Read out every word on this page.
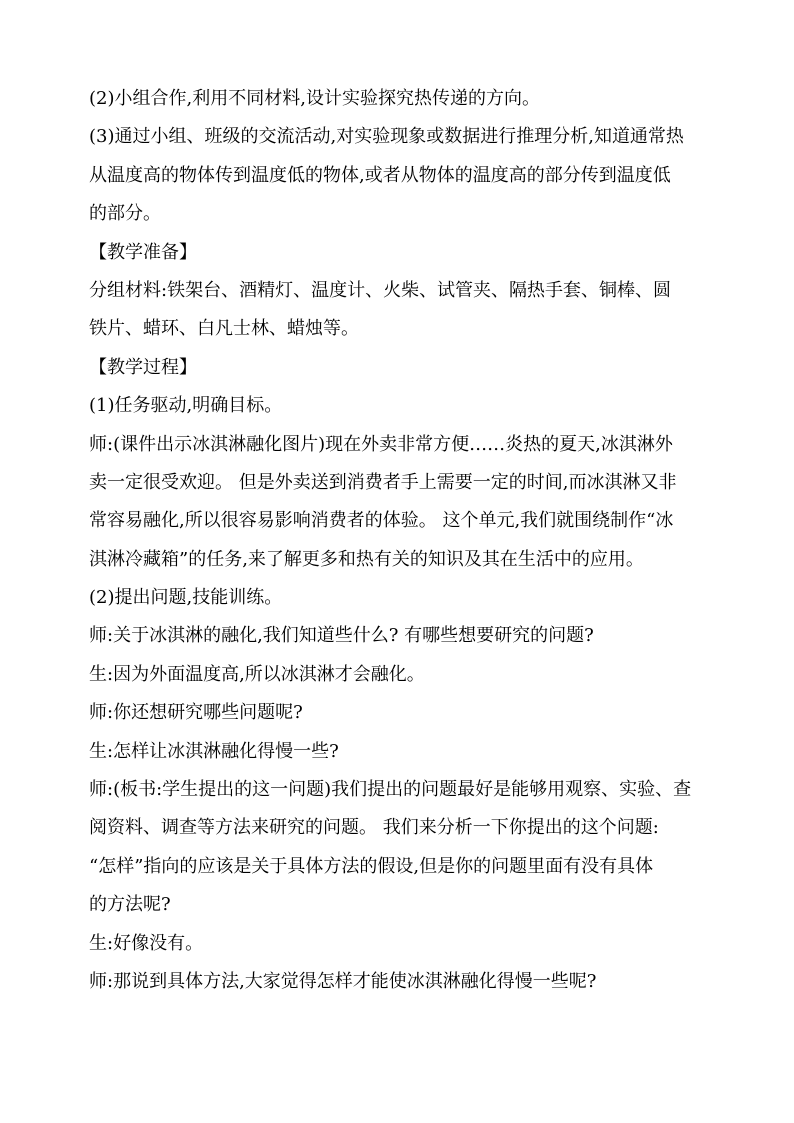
(2)小组合作,利用不同材料,设计实验探究热传递的方向。
(3)通过小组、班级的交流活动,对实验现象或数据进行推理分析,知道通常热
从温度高的物体传到温度低的物体,或者从物体的温度高的部分传到温度低
的部分。
【教学准备】
分组材料:铁架台、酒精灯、温度计、火柴、试管夹、隔热手套、铜棒、圆
铁片、蜡环、白凡士林、蜡烛等。
【教学过程】
(1)任务驱动,明确目标。
师:(课件出示冰淇淋融化图片)现在外卖非常方便……炎热的夏天,冰淇淋外
卖一定很受欢迎。 但是外卖送到消费者手上需要一定的时间,而冰淇淋又非
常容易融化,所以很容易影响消费者的体验。 这个单元,我们就围绕制作“冰
淇淋冷藏箱”的任务,来了解更多和热有关的知识及其在生活中的应用。
(2)提出问题,技能训练。
师:关于冰淇淋的融化,我们知道些什么? 有哪些想要研究的问题?
生:因为外面温度高,所以冰淇淋才会融化。
师:你还想研究哪些问题呢?
生:怎样让冰淇淋融化得慢一些?
师:(板书:学生提出的这一问题)我们提出的问题最好是能够用观察、实验、查
阅资料、调查等方法来研究的问题。 我们来分析一下你提出的这个问题:
“怎样”指向的应该是关于具体方法的假设,但是你的问题里面有没有具体
的方法呢?
生:好像没有。
师:那说到具体方法,大家觉得怎样才能使冰淇淋融化得慢一些呢?
